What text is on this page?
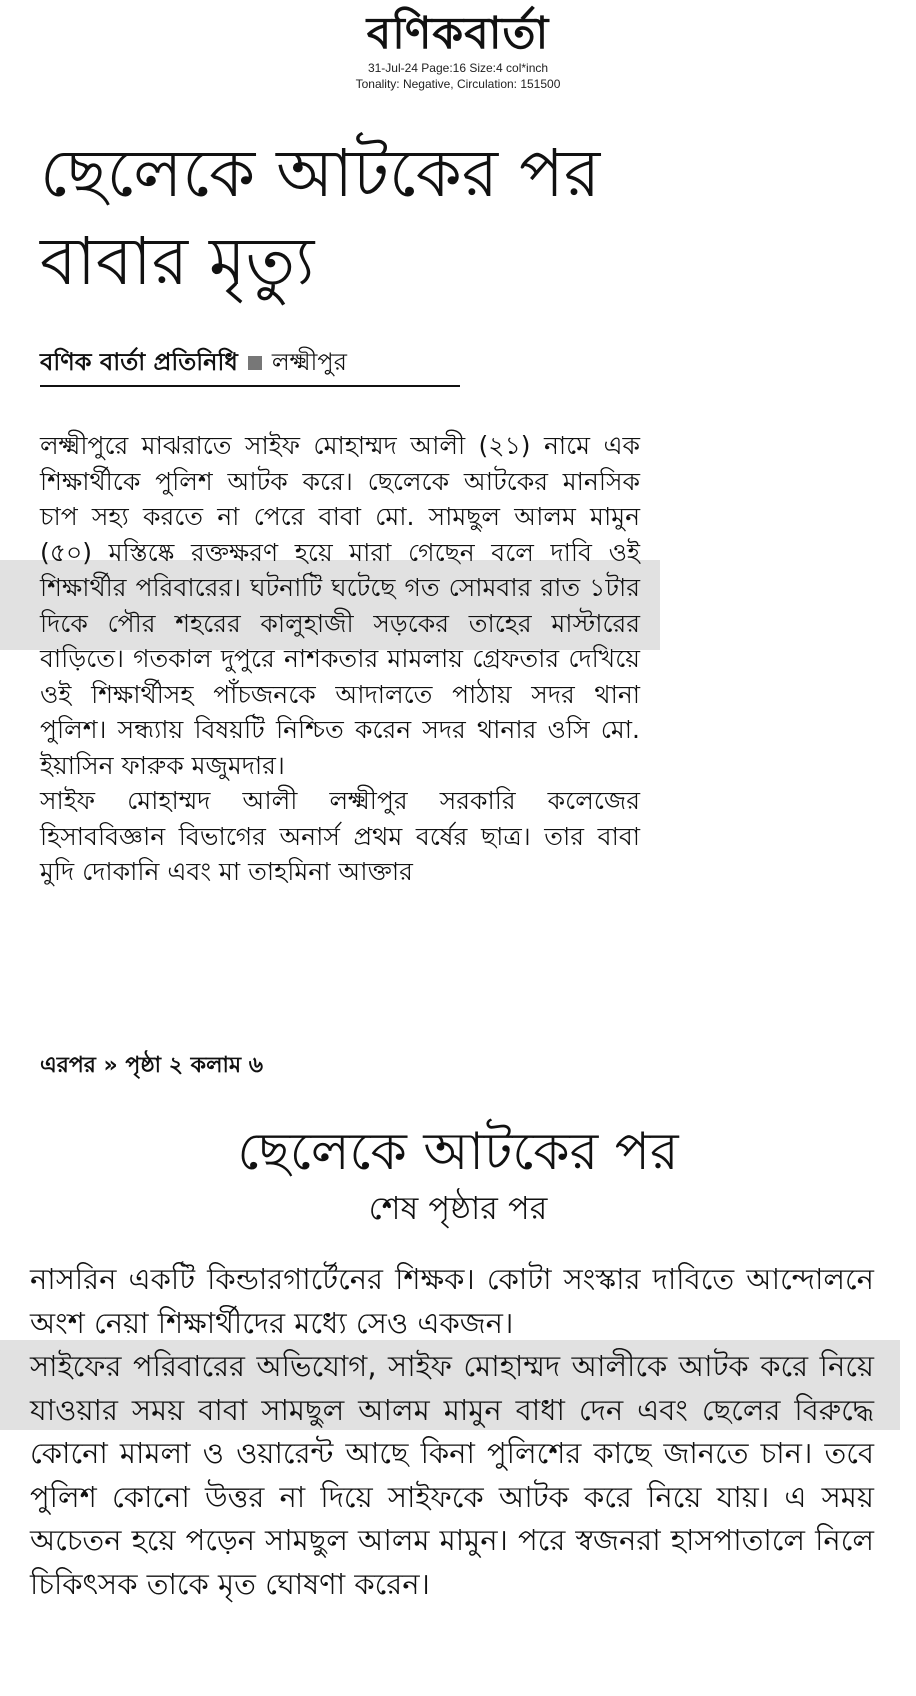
বণিকবার্তা
31-Jul-24 Page:16 Size:4 col*inch
Tonality: Negative, Circulation: 151500
ছেলেকে আটকের পর বাবার মৃত্যু
বণিক বার্তা প্রতিনিধি লক্ষ্মীপুর

লক্ষ্মীপুরে মাঝরাতে সাইফ মোহাম্মদ আলী (২১) নামে এক শিক্ষার্থীকে পুলিশ আটক করে। ছেলেকে আটকের মানসিক চাপ সহ্য করতে না পেরে বাবা মো. সামছুল আলম মামুন (৫০) মস্তিষ্কে রক্তক্ষরণ হয়ে মারা গেছেন বলে দাবি ওই শিক্ষার্থীর পরিবারের। ঘটনাটি ঘটেছে গত সোমবার রাত ১টার দিকে পৌর শহরের কালুহাজী সড়কের তাহের মাস্টারের বাড়িতে। গতকাল দুপুরে নাশকতার মামলায় গ্রেফতার দেখিয়ে ওই শিক্ষার্থীসহ পাঁচজনকে আদালতে পাঠায় সদর থানা পুলিশ। সন্ধ্যায় বিষয়টি নিশ্চিত করেন সদর থানার ওসি মো. ইয়াসিন ফারুক মজুমদার।

সাইফ মোহাম্মদ আলী লক্ষ্মীপুর সরকারি কলেজের হিসাববিজ্ঞান বিভাগের অনার্স প্রথম বর্ষের ছাত্র। তার বাবা মুদি দোকানি এবং মা তাহমিনা আক্তার

এরপর » পৃষ্ঠা ২ কলাম ৬
ছেলেকে আটকের পর
শেষ পৃষ্ঠার পর

নাসরিন একটি কিন্ডারগার্টেনের শিক্ষক। কোটা সংস্কার দাবিতে আন্দোলনে অংশ নেয়া শিক্ষার্থীদের মধ্যে সেও একজন।

সাইফের পরিবারের অভিযোগ, সাইফ মোহাম্মদ আলীকে আটক করে নিয়ে যাওয়ার সময় বাবা সামছুল আলম মামুন বাধা দেন এবং ছেলের বিরুদ্ধে কোনো মামলা ও ওয়ারেন্ট আছে কিনা পুলিশের কাছে জানতে চান। তবে পুলিশ কোনো উত্তর না দিয়ে সাইফকে আটক করে নিয়ে যায়। এ সময় অচেতন হয়ে পড়েন সামছুল আলম মামুন। পরে স্বজনরা হাসপাতালে নিলে চিকিৎসক তাকে মৃত ঘোষণা করেন।
